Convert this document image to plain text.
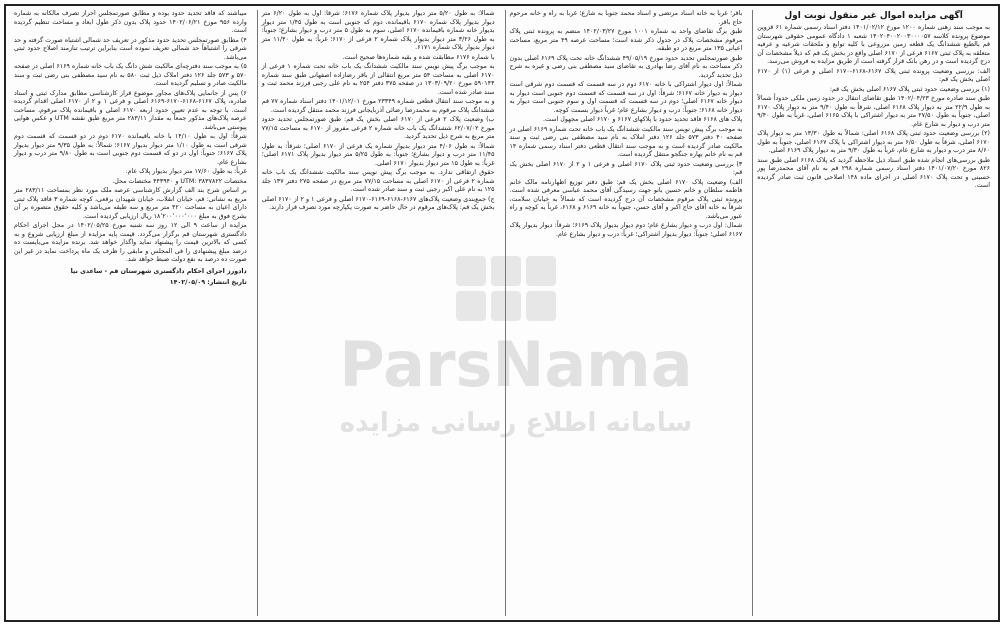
آگهی مزایده اموال غیر منقول نوبت اول

به موجب سند رهنی شماره ۱۲۰۰ مورخ ۱۴۰۱/۰۲/۱۲ دفتر اسناد رسمی شماره ۶۱ قزوین موضوع پرونده کلاسه ۱۴۰۲۰۴۰۰۲۰۰۳۰۰۰۰۵۷ شعبه ۱ دادگاه عمومی حقوقی شهرستان قم بالطبع ششدانگ یک قطعه زمین مزروعی با کلیه توابع و ملحقات شرعیه و عرفیه متعلقه به پلاک ثبتی ۶۱۶۷ فرعی از ۶۱۷۰ اصلی واقع در بخش یک قم که ذیلاً مشخصات آن درج گردیده است و در رهن بانک قرار گرفته است از طریق مزایده به فروش می‌رسد.

الف: بررسی وضعیت پرونده ثبتی پلاک ۶۱۶۷-۶۱۶۸-۶۱۷۰ اصلی و فرعی (۱) از ۶۱۷۰ اصلی بخش یک قم:

(۱) بررسی وضعیت حدود ثبتی پلاک ۶۱۶۷ اصلی بخش یک قم:

طبق سند صادره مورخ ۱۴۰۲/۰۴/۲۳ طبق تقاضای انتقال در حدود زمین ملکی حدوداً شمالاً به طول ۲۲/۹ متر به دیوار پلاک ۶۱۶۸ اصلی، شرقاً به طول ۹/۴۰ متر به دیوار پلاک ۶۱۷۰ اصلی، جنوباً به طول ۲۷/۵۰ متر به دیوار اشتراکی با پلاک ۶۱۶۵ اصلی، غرباً به طول ۹/۴۰ متر درب و دیوار به شارع عام.

(۲) بررسی وضعیت حدود ثبتی پلاک ۶۱۶۸ اصلی: شمالاً به طول ۱۳/۳۰ متر به دیوار پلاک ۶۱۷۰ اصلی، شرقاً به طول ۶/۵۰ متر به دیوار اشتراکی با پلاک ۶۱۶۷ اصلی، جنوباً به طول ۸/۶۰ متر درب و دیوار به شارع عام، غرباً به طول ۹/۳۰ متر به دیوار پلاک ۶۱۶۹ اصلی.

طبق بررسی‌های انجام شده طبق اسناد ذیل ملاحظه گردید که پلاک ۶۱۶۸ اصلی طبق سند ۸۲۶ مورخ ۱۴۰۱/۰۷/۲۰ دفتر اسناد رسمی شماره ۲۹۸ قم به نام آقای محمدرضا پور حسینی و تحت پلاک ۶۱۷۰ اصلی در اجرای ماده ۱۴۸ اصلاحی قانون ثبت صادر گردیده است.

باقر؛ غرباً به خانه اسناد مرتضی و اسناد محمد جنوباً به شارع؛ غرباً به راه و خانه مرحوم حاج باقر.

طبق برگ تقاضای واحد به شماره ۱۰۰۱ مورخ ۱۴۰۲/۰۳/۲۷ منضم به پرونده ثبتی پلاک مرقوم مشخصات پلاک در جدول ذکر شده است؛ مساحت عرصه ۴۹ متر مربع، مساحت اعیانی ۱۳۵ متر مربع در دو طبقه.

طبق صورتمجلس تحدید حدود مورخ ۴۹/۰۵/۱۹ ششدانگ خانه تحت پلاک ۶۱۶۹ اصلی بدون ذکر مساحت به نام آقای رضا بهادری به تقاضای سید مصطفی بنی رضی و غیره به شرح ذیل تحدید گردید.

شمالاً: اول دیوار اشتراکی با خانه ۶۱۷۰ دوم در سه قسمت که قسمت دوم شرقی است دیوار به دیوار خانه ۶۱۶۷؛ شرقاً: اول در سه قسمت که قسمت دوم جنوبی است دیوار به دیوار خانه ۶۱۶۷ اصلی؛ دوم در سه قسمت که قسمت اول و سوم جنوبی است دیوار به دیوار خانه ۶۱۶۸؛ جنوباً: درب و دیوار بشارع عام؛ غرباً دیوار بسمت کوچه.

پلاک های ۶۱۶۸ فاقد تحدید حدود با پلاکهای ۶۱۶۷ و ۶۱۷۰ اصلی مجهول است.

به موجب برگ پیش نویس سند مالکیت ششدانگ یک باب خانه تحت شماره ۶۱۶۹ اصلی در صفحه ۴۰ دفتر ۵۷۳ جلد ۱۲۶ دفتر املاک به نام سید مصطفی بنی رضی ثبت و سند مالکیت صادر گردیده است و به موجب سند انتقال قطعی دفتر اسناد رسمی شماره ۱۴ قم به نام خانم بهاره جنگجو منتقل گردیده است.

۳) بررسی وضعیت حدود ثبتی پلاک ۶۱۷۰ اصلی و فرعی ۱ و ۲ از ۶۱۷۰ اصلی بخش یک قم:

الف) وضعیت پلاک ۶۱۷۰ اصلی بخش یک قم: طبق دفتر توزیع اظهارنامه مالک خانم فاطمه سلطان و خانم حسین بانو جهت رسیدگی آقای محمد عباسی معرفی شده است. پرونده ثبتی پلاک مرقوم مشخصات آن درج گردیده است که شمالاً به خیابان سلامت، شرقاً به خانه آقای حاج اکبر و آقای حسن، جنوباً به خانه ۶۱۶۹ و ۶۱۶۸، غرباً به کوچه و راه عبور می‌باشد.

شمال: اول درب و دیوار بشارع عام؛ دوم دیوار بدیوار پلاک ۶۱۶۹؛ شرقاً: دیوار بدیوار پلاک ۶۱۶۷ اصلی؛ جنوباً: دیوار بدیوار اشتراکی؛ غرباً: درب و دیوار بشارع عام.

شمالاً: به طول ۵/۲۰ متر دیوار بدیوار پلاک شماره ۶۱۷۶؛ شرقاً: اول به طول ۶/۲۰ متر دیوار بدیوار پلاک شماره ۶۱۷۰ باقیمانده، دوم که جنوبی است به طول ۱/۴۵ متر دیوار بدیوار خانه شماره باقیمانده ۶۱۷۰ اصلی، سوم به طول ۵ متر درب و دیوار بشارع؛ جنوباً: به طول ۳/۲۶ متر دیوار بدیوار پلاک شماره ۲ فرعی از ۶۱۷۰؛ غرباً: به طول ۱۱/۴۰ متر دیوار بدیوار پلاک شماره ۶۱۷۱.

با شماره ۶۱۷۶ مطابقت شده و بقیه شماره‌ها صحیح است.

به موجب برگ پیش نویس سند مالکیت ششدانگ یک باب خانه تحت شماره ۱ فرعی از ۶۱۷۰ اصلی به مساحت ۵۴ متر مربع انتقالی از باقر رضازاده اصفهانی طبق سند شماره ۵۹۰۱۴۴ مورخ ۱۳۰۳/۰۹/۲۰ در صفحه ۳۷۵ دفتر ۲۵۴ به نام علی رجبی فرزند محمد ثبت و سند صادر شده است.

و به موجب سند انتقال قطعی شماره ۲۳۳۴۹ مورخ ۱۴۰۱/۱۲/۰۱ دفتر اسناد شماره ۷۷ قم ششدانگ پلاک مرقوم به محمدرضا رضائی آذربایجانی فرزند محمد منتقل گردیده است.

ب) وضعیت پلاک ۲ فرعی از ۶۱۷۰ اصلی بخش یک قم: طبق صورتمجلس تحدید حدود مورخ ۶۲/۰۷/۰۲ ششدانگ یک باب خانه شماره ۲ فرعی مفروز از ۶۱۷۰ به مساحت ۷۷/۱۵ متر مربع به شرح ذیل تحدید گردید.

شمالاً: به طول ۴/۰۶ متر دیوار بدیوار شماره یک فرعی از ۶۱۷۰ اصلی؛ شرقاً: به طول ۱۱/۴۵ متر درب و دیوار بشارع؛ جنوباً: به طول ۵/۲۵ متر دیوار بدیوار پلاک ۶۱۷۱ اصلی؛ غرباً: به طول ۱۵ متر دیوار بدیوار ۶۱۷۰ اصلی.

حقوق ارتفاقی ندارد. به موجب برگ پیش نویس سند مالکیت ششدانگ یک باب خانه شماره ۲ فرعی از ۶۱۷۰ اصلی به مساحت ۷۷/۱۵ متر مربع در صفحه ۲۷۵ دفتر ۱۳۷ جلد ۱۲۵ به نام علی اکبر رجبی ثبت و سند صادر شده است.

ج) جمع‌بندی وضعیت پلاک‌های ۶۱۶۷-۶۱۶۸-۶۱۶۹-۶۱۷۰ اصلی و فرعی ۱ و ۲ از ۶۱۷۰ اصلی بخش یک قم: پلاک‌های مرقوم در حال حاضر به صورت یکپارچه مورد تصرف قرار دارند.

میباشند که فاقد تحدید حدود بوده و مطابق صورتمجلس احراز تصرف مالکانه به شماره وارده ۹۵۶ مورخ ۱۴۰۲/۰۶/۲۱ حدود پلاک بدون ذکر طول ابعاد و مساحت تنظیم گردیده است.

۴) مطابق صورتمجلس تحدید حدود مذکور در تعریف حد شمالی اشتباه صورت گرفته و حد شرقی را اشتباهاً حد شمالی تعریف نموده است بنابراین ترتیب تنازمند اصلاح حدود ثبتی می‌باشد.

۵) به موجب سند دفترچه‌ای مالکیت شش دانگ یک باب خانه شماره ۶۱۶۹ اصلی در صفحه ۵۷۰ و ۵۷۳ جلد ۱۲۶ دفتر املاک ذیل ثبت ۵۸۰ به نام سید مصطفی بنی رضی ثبت و سند مالکیت صادر و تسلیم گردیده است.

۶) پس از جانمایی پلاک‌های مجاور موضوع قرار کارشناسی مطابق مدارک ثبتی و اسناد صادره، پلاک ۶۱۶۷-۶۱۶۸-۶۱۷۰-۶۱۶۹ اصلی و فرعی ۱ و ۲ از ۶۱۷۰ اصلی اقدام گردیده است. با توجه به عدم تعیین حدود اربعه ۶۱۷۰ اصلی و باقیمانده پلاک مرقوم، مساحت عرصه پلاک‌های مذکور جمعاً به مقدار ۲۸۳/۱۱ متر مربع طبق نقشه UTM و عکس هوایی پیوستی می‌باشد.

شرقاً: اول به طول ۱۴/۱۰ با خانه باقیمانده ۶۱۷۰ دوم در دو قسمت که قسمت دوم شرقی است به طول ۱/۱۰ متر دیوار بدیوار ۶۱۶۷؛ شمالاً: به طول ۹/۳۵ متر دیوار بدیوار پلاک ۶۱۶۷؛ جنوباً: اول در دو که قسمت دوم جنوبی است به طول ۹/۸۰ متر درب و دیوار بشارع عام.

غرباً: به طول ۱۷/۶۰ متر دیوار بدیوار پلاک عام.

مختصات UTM: ۳۸۳۷۸۲۲ و ۴۴۳۹۴۰ مختصات محل.

بر اساس شرح بند الف گزارش کارشناسی عرصه ملک مورد نظر بمساحت ۲۸۳/۱۱ متر مربع به نشانی: قم، خیابان انقلاب، خیابان شهیدان برقعی، کوچه شماره ۳ فاقد پلاک ثبتی دارای اعیان به مساحت ۴۲۰ متر مربع و سه طبقه می‌باشد و کلیه حقوق متصوره بر آن بشرح فوق به مبلغ ۱۸٬۲۰۰٬۰۰۰٬۰۰۰ ریال ارزیابی گردیده است.

مزایده از ساعت ۹ الی ۱۲ روز سه شنبه مورخ ۱۴۰۲/۰۵/۲۵ در محل اجرای احکام دادگستری شهرستان قم برگزار می‌گردد. قیمت پایه مزایده از مبلغ ارزیابی شروع و به کسی که بالاترین قیمت را پیشنهاد نماید واگذار خواهد شد. برنده مزایده می‌بایست ده درصد مبلغ پیشنهادی را فی المجلس و مابقی را ظرف یک ماه پرداخت نماید در غیر این صورت ده درصد به نفع دولت ضبط خواهد شد.

دادورز اجرای احکام دادگستری شهرستان قم - ساعدی نیا

تاریخ انتشار: ۱۴۰۲/۰۵/۰۹

ParsNama
سامانه اطلاع رسانی مزایده
